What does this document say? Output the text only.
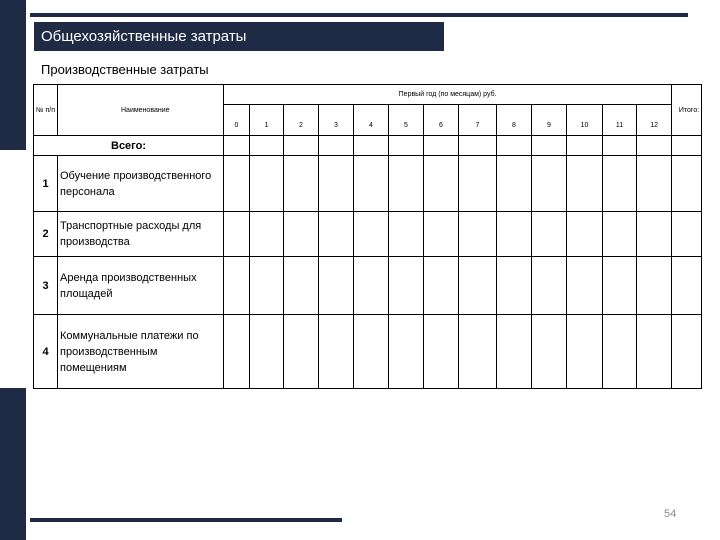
Общехозяйственные затраты
Производственные затраты
№ п/п	Наименование	Первый год (по месяцам) руб.													Итого:
		0	1	2	3	4	5	6	7	8	9	10	11	12	
Всего:															
1	Обучение производственного персонала														
2	Транспортные расходы для производства														
3	Аренда производственных площадей														
4	Коммунальные платежи по производственным помещениям														
54
